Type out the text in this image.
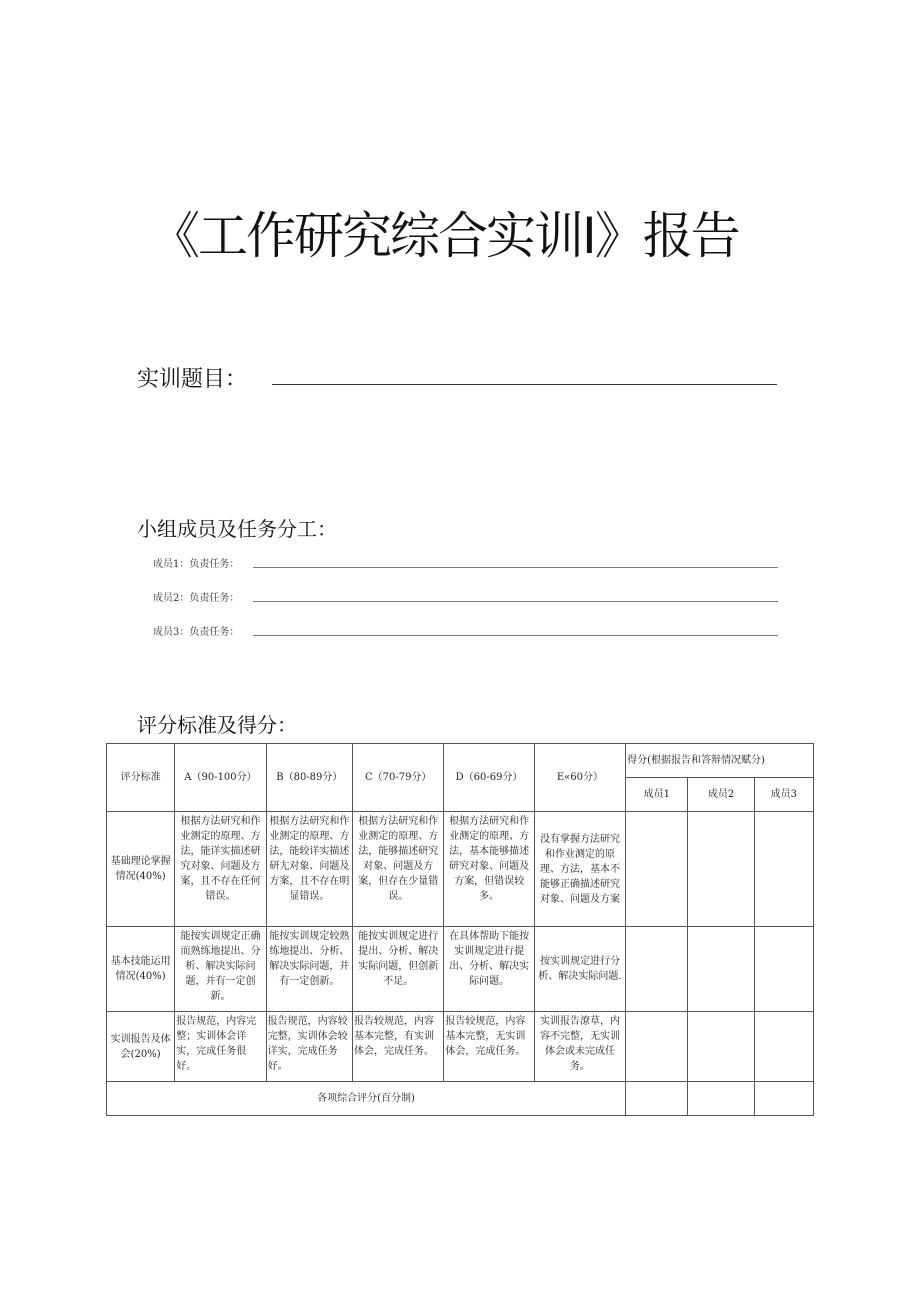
《工作研究综合实训Ⅰ》报告
实训题目：
小组成员及任务分工：
成员1：负责任务：
成员2：负责任务：
成员3：负责任务：
评分标准及得分：
评分标准	A（90-100分）	B（80-89分）	C（70-79分）	D（60-69分）	E«60分）	得分(根据报告和答辩情况赋分)		
						成员1	成员2	成员3
基础理论掌握情况(40%)	根据方法研究和作业测定的原理、方法，能详实描述研究对象、问题及方案，且不存在任何错误。	根据方法研究和作业测定的原理、方法，能较详实描述研尢对象、问题及方案，且不存在明显错误。	根据方法研究和作业测定的原理、方法，能够描述研究对象、问题及方案，但存在少量错误。	根据方法研究和作业测定的原理、方法，基本能够描述研究对象、问题及方案，但错误较多。	没有掌握方法研究和作业测定的原理、方法，基本不能够正确描述研究对象、问题及方案			
基本技能运用情况(40%)	能按实训规定正确而熟练地提出、分析、解决实际问题，并有一定创新。	能按实训规定较熟练地提出、分析、解决实际问题，并有一定创新。	能按实训规定进行提出、分析、解决实际问题，但创新不足。	在具体帮助下能按实训规定进行提出、分析、解决实际问题。	按实训规定进行分析、解决实际问题.			
实训报告及体会(20%)	报告规范，内容完整；实训体会详实，完成任务很好。	报告规范，内容较完整，实训体会较详实，完成任务好。	报告较规范，内容基本完整，有实训体会，完成任务。	报告较规范，内容基本完整，无实训体会，完成任务。	实训报告潦草，内容不完整，无实训体会或未完成任务。			
各项综合评分(百分制)								
